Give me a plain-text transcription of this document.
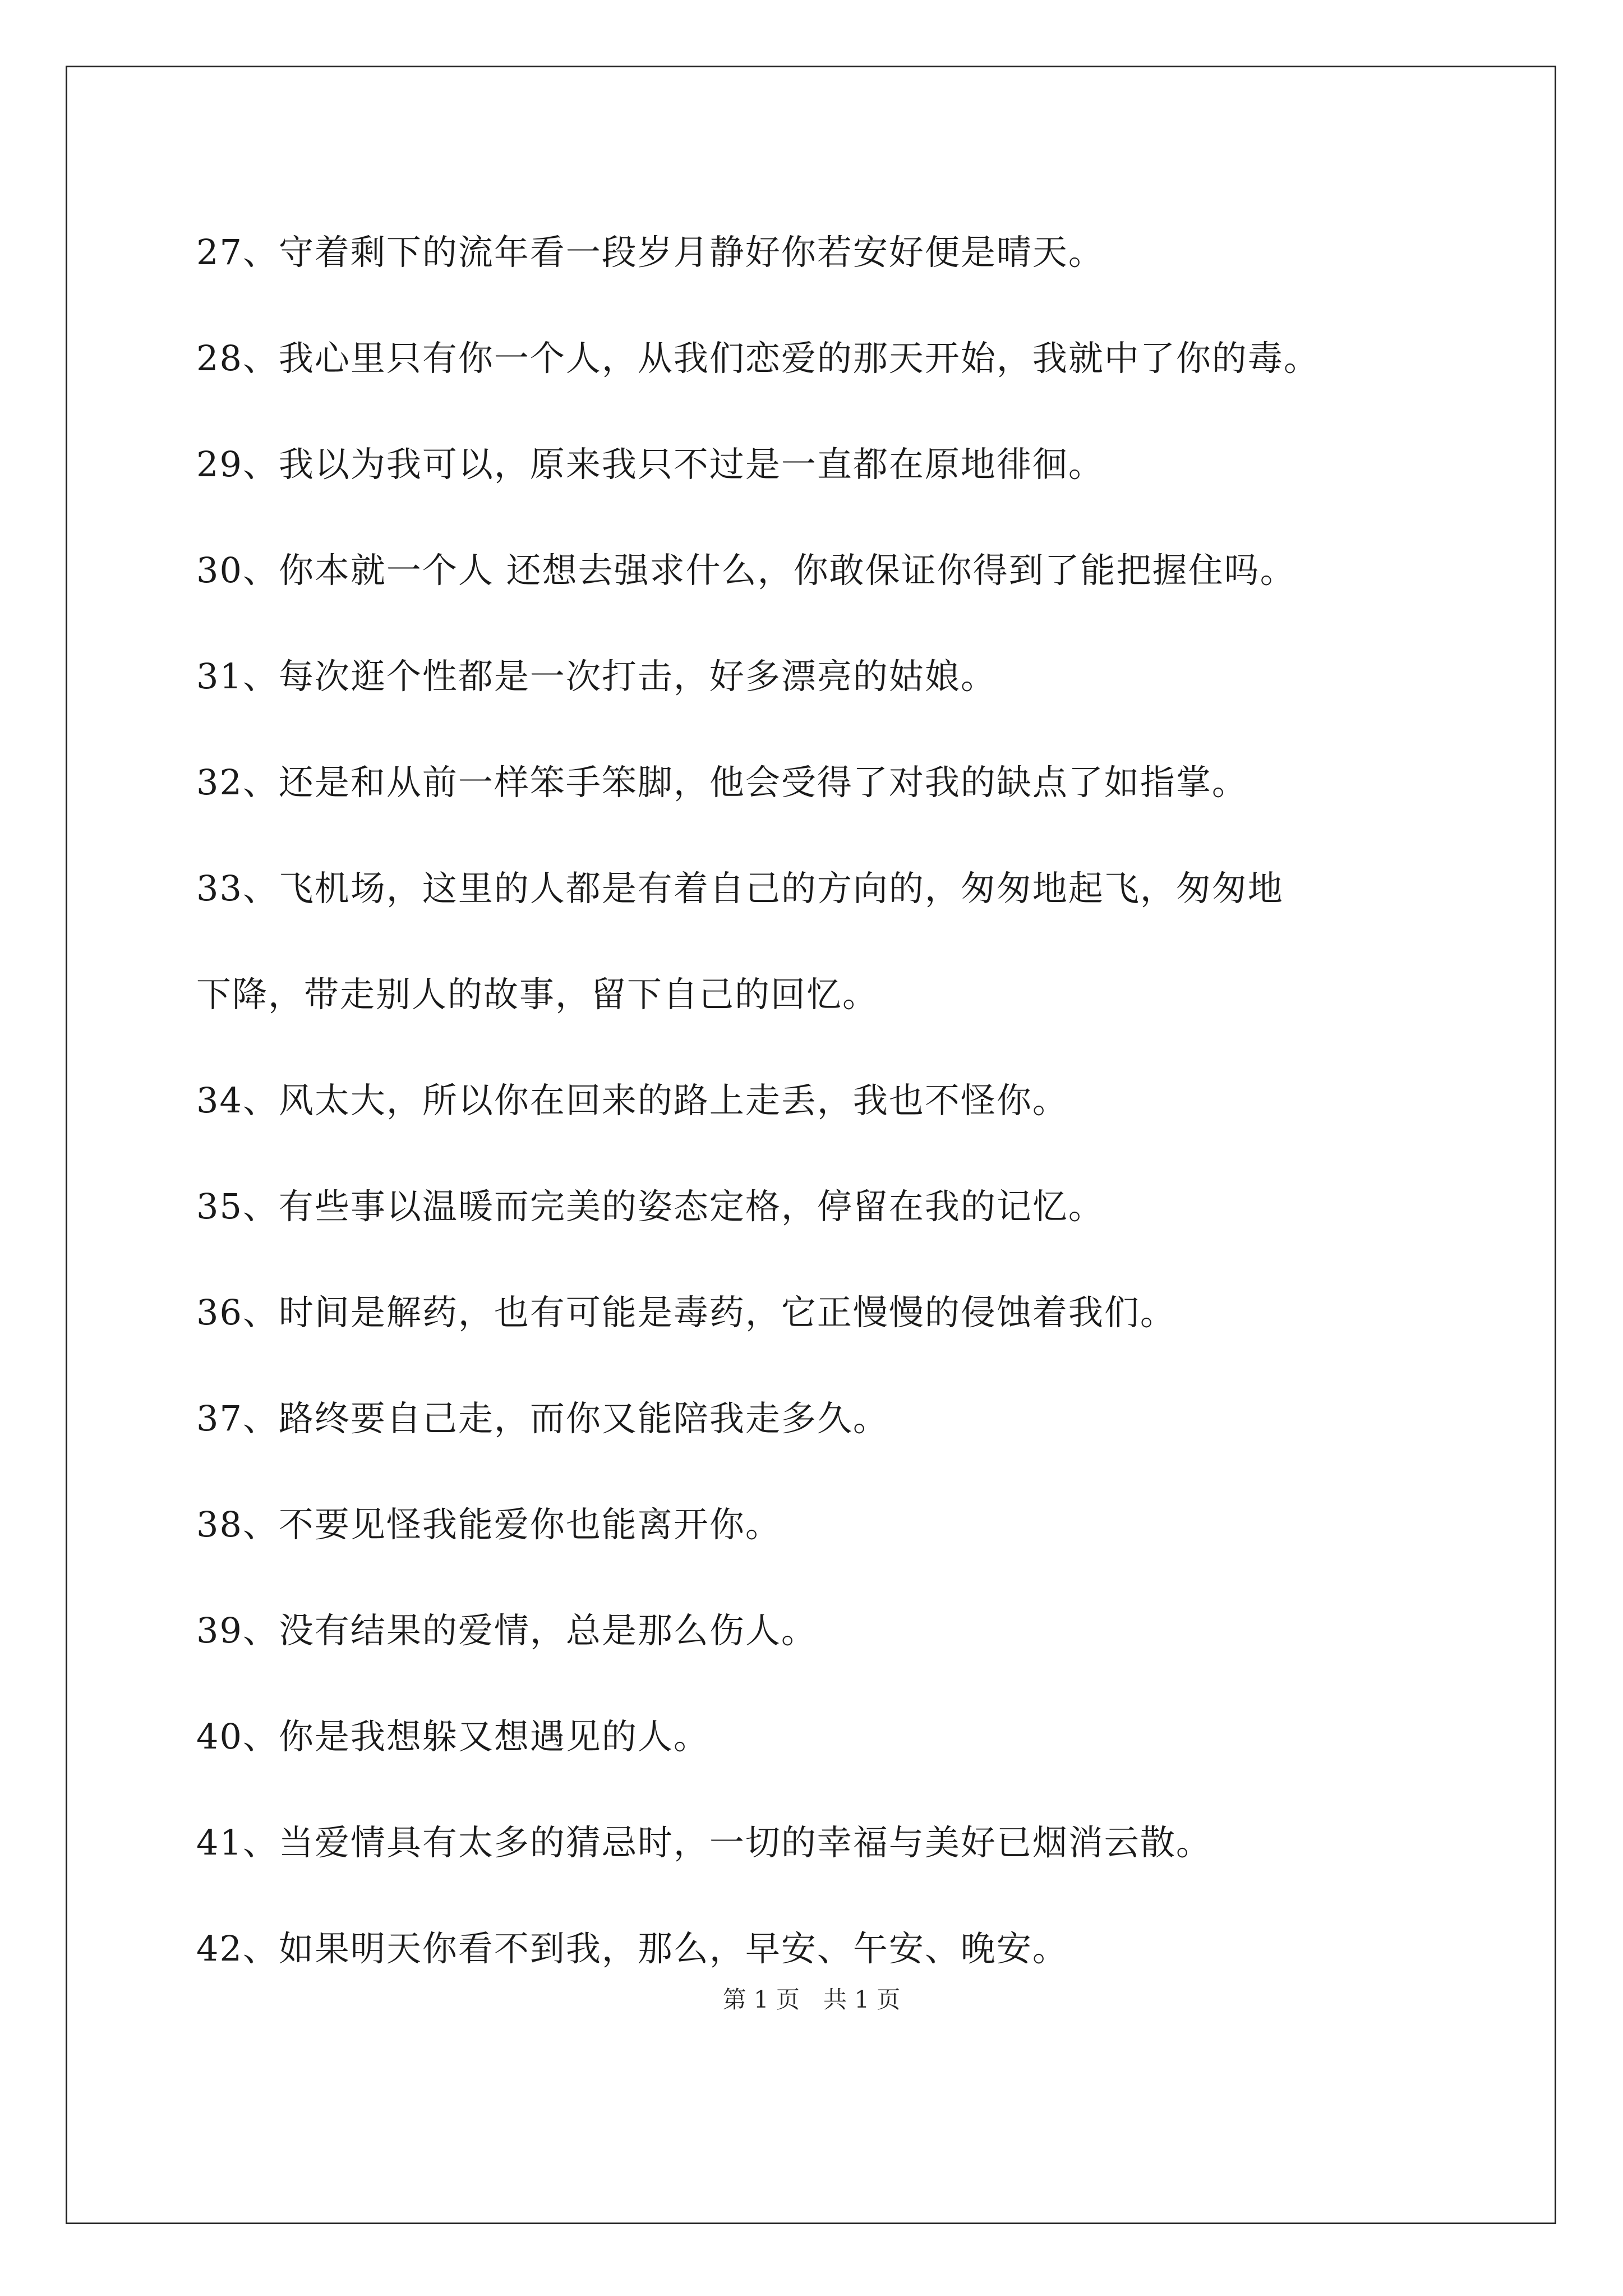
27、守着剩下的流年看一段岁月静好你若安好便是晴天。
28、我心里只有你一个人，从我们恋爱的那天开始，我就中了你的毒。
29、我以为我可以，原来我只不过是一直都在原地徘徊。
30、你本就一个人 还想去强求什么，你敢保证你得到了能把握住吗。
31、每次逛个性都是一次打击，好多漂亮的姑娘。
32、还是和从前一样笨手笨脚，他会受得了对我的缺点了如指掌。
33、飞机场，这里的人都是有着自己的方向的，匆匆地起飞，匆匆地
下降，带走别人的故事，留下自己的回忆。
34、风太大，所以你在回来的路上走丢，我也不怪你。
35、有些事以温暖而完美的姿态定格，停留在我的记忆。
36、时间是解药，也有可能是毒药，它正慢慢的侵蚀着我们。
37、路终要自己走，而你又能陪我走多久。
38、不要见怪我能爱你也能离开你。
39、没有结果的爱情，总是那么伤人。
40、你是我想躲又想遇见的人。
41、当爱情具有太多的猜忌时，一切的幸福与美好已烟消云散。
42、如果明天你看不到我，那么，早安、午安、晚安。
第 1 页　共 1 页
